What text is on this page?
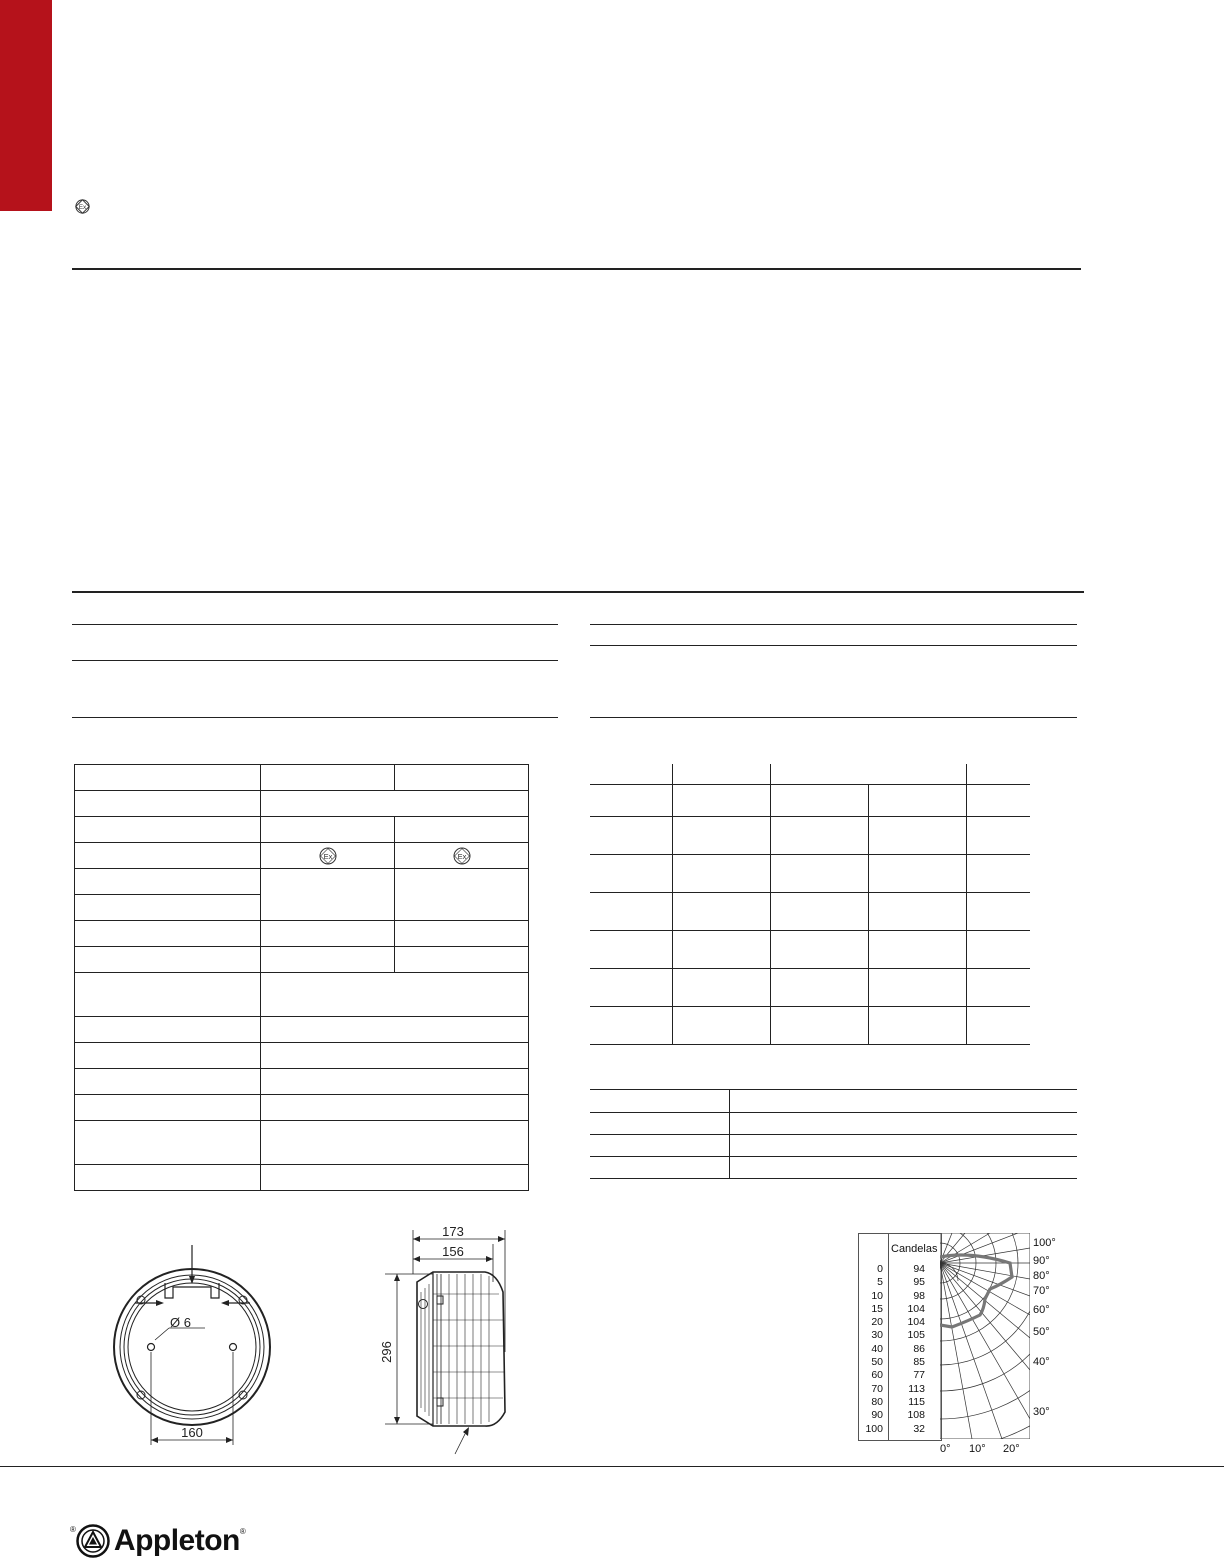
Ex

Ex	Ex

Ø 6
160
173
156
296
Candelas
0	94
5	95
10	98
15	104
20	104
30	105
40	86
50	85
60	77
70	113
80	115
90	108
100	32
100°
90°
80°
70°
60°
50°
40°
30°
0° 10° 20°
® Appleton ®
